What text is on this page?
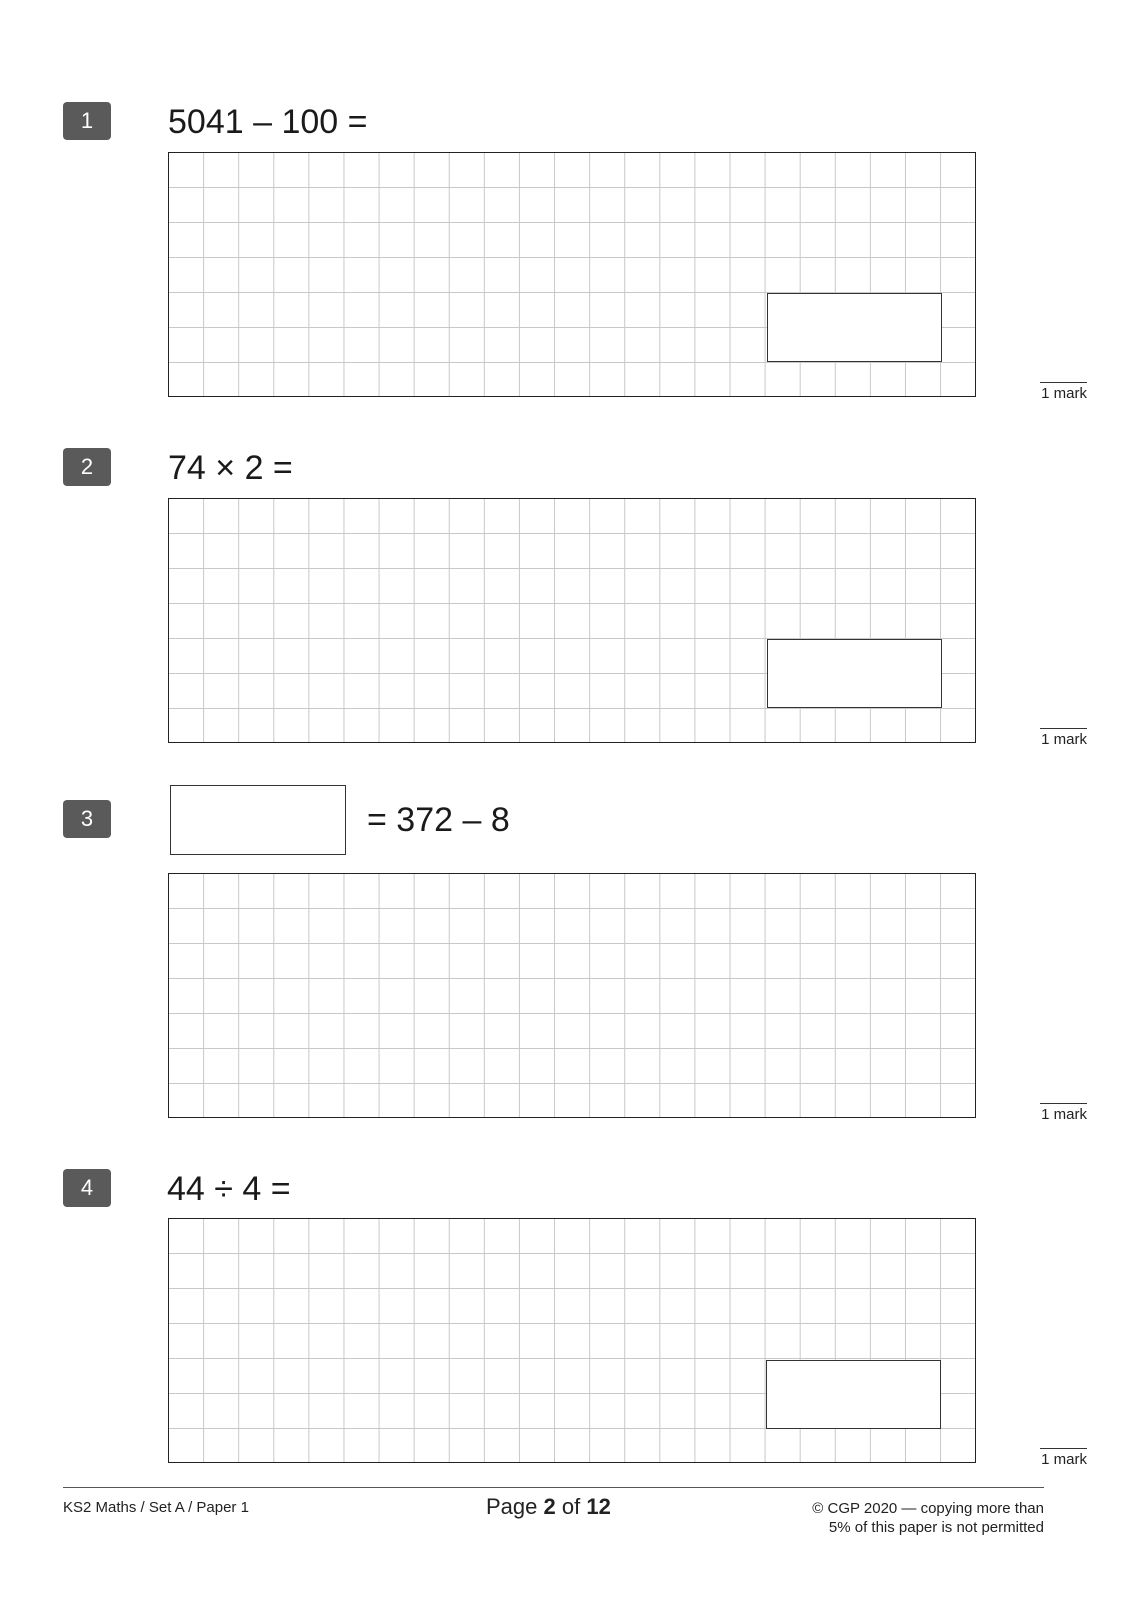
1	5041 – 100 =
1 mark
2	74 × 2 =
1 mark
3	= 372 – 8
1 mark
4	44 ÷ 4 =
1 mark
KS2 Maths / Set A / Paper 1	Page 2 of 12	© CGP 2020 — copying more than
5% of this paper is not permitted
